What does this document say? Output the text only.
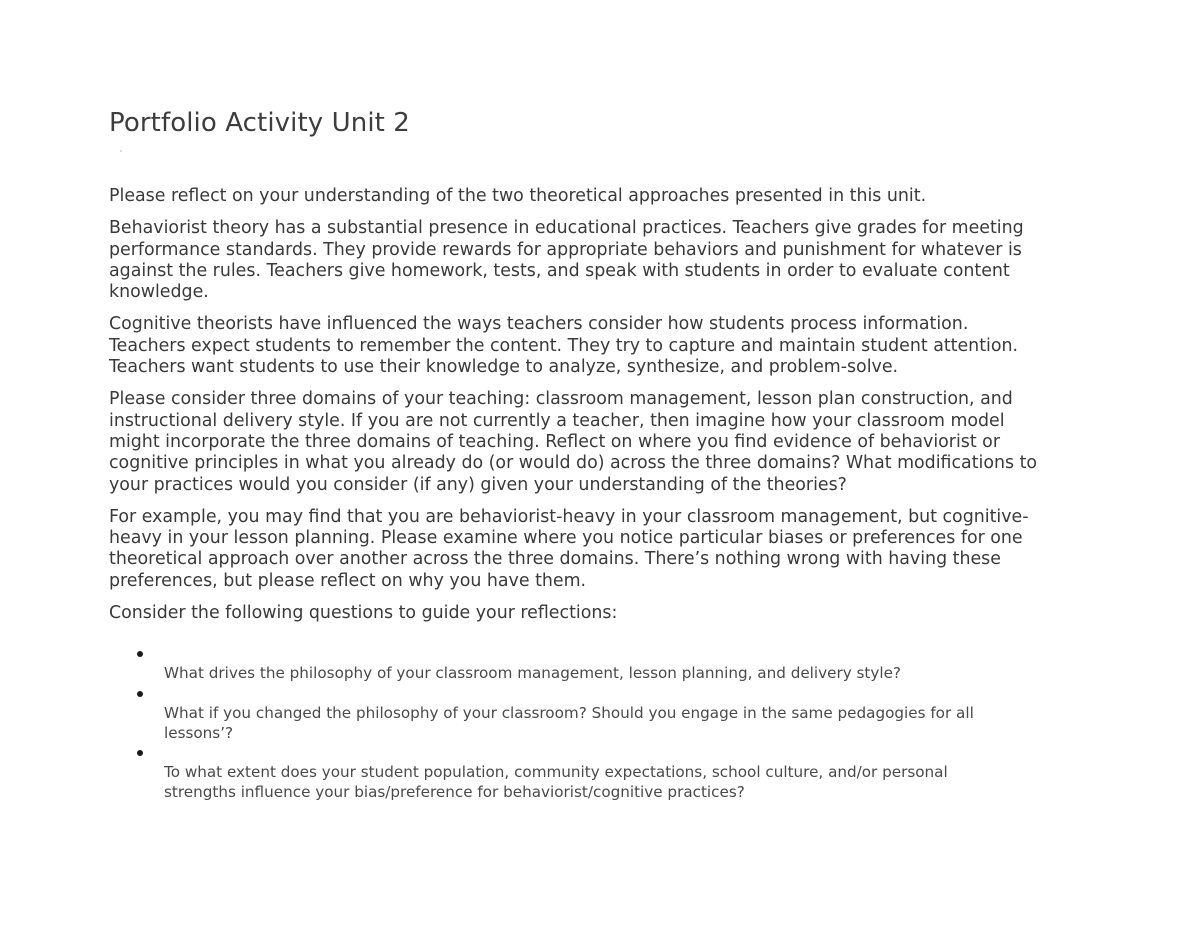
Portfolio Activity Unit 2

Please reflect on your understanding of the two theoretical approaches presented in this unit.

Behaviorist theory has a substantial presence in educational practices. Teachers give grades for meeting
performance standards. They provide rewards for appropriate behaviors and punishment for whatever is
against the rules. Teachers give homework, tests, and speak with students in order to evaluate content
knowledge.

Cognitive theorists have influenced the ways teachers consider how students process information.
Teachers expect students to remember the content. They try to capture and maintain student attention.
Teachers want students to use their knowledge to analyze, synthesize, and problem-solve.

Please consider three domains of your teaching: classroom management, lesson plan construction, and
instructional delivery style. If you are not currently a teacher, then imagine how your classroom model
might incorporate the three domains of teaching. Reflect on where you find evidence of behaviorist or
cognitive principles in what you already do (or would do) across the three domains? What modifications to
your practices would you consider (if any) given your understanding of the theories?

For example, you may find that you are behaviorist-heavy in your classroom management, but cognitive-
heavy in your lesson planning. Please examine where you notice particular biases or preferences for one
theoretical approach over another across the three domains. There’s nothing wrong with having these
preferences, but please reflect on why you have them.

Consider the following questions to guide your reflections:

What drives the philosophy of your classroom management, lesson planning, and delivery style?

What if you changed the philosophy of your classroom? Should you engage in the same pedagogies for all
lessons’?

To what extent does your student population, community expectations, school culture, and/or personal
strengths influence your bias/preference for behaviorist/cognitive practices?
